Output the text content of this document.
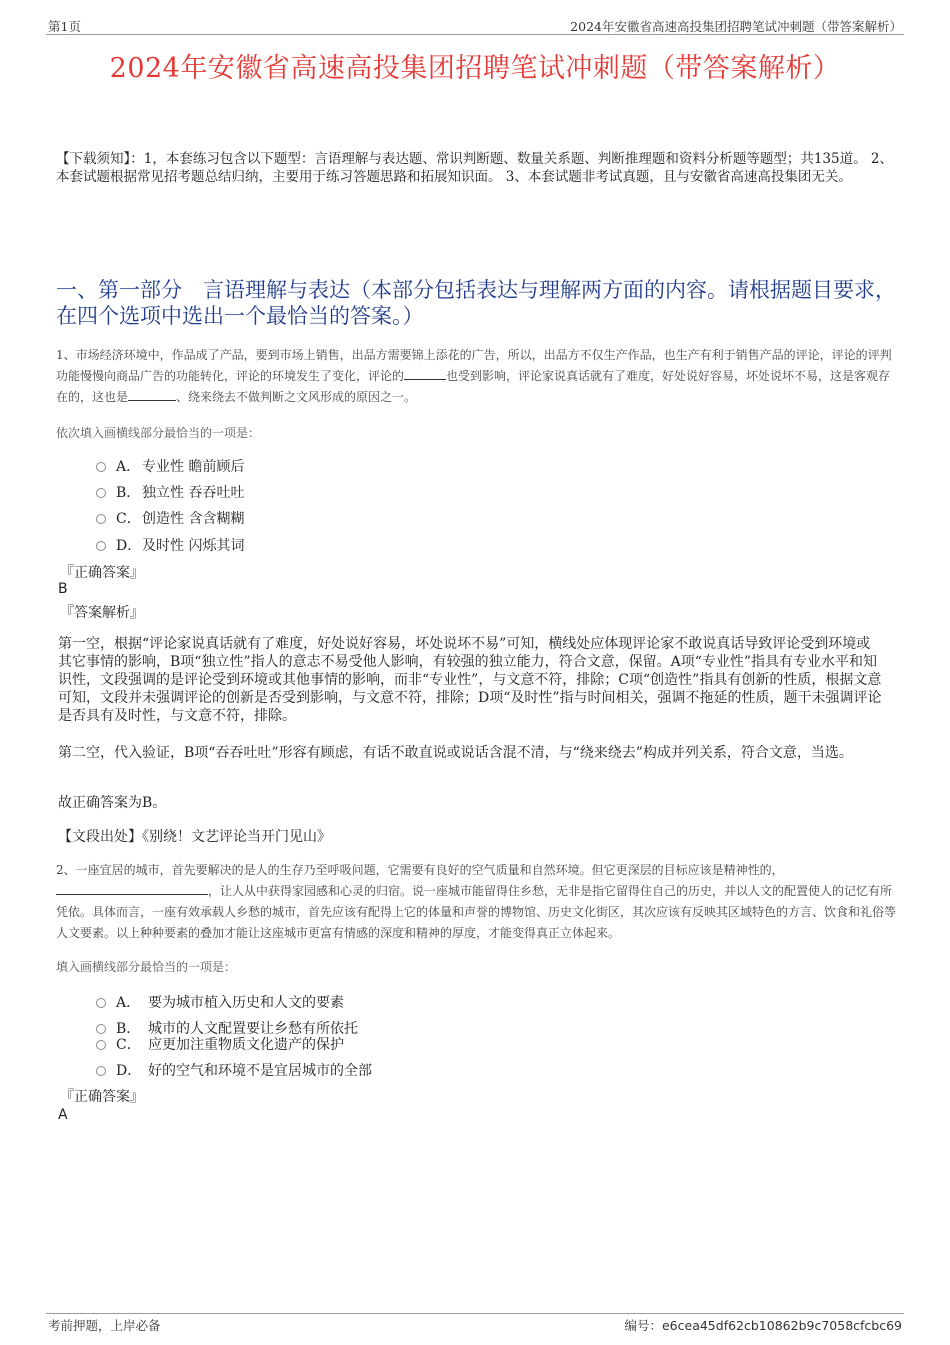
第1页	2024年安徽省高速高投集团招聘笔试冲刺题（带答案解析）
2024年安徽省高速高投集团招聘笔试冲刺题（带答案解析）
【下载须知】：1，本套练习包含以下题型：言语理解与表达题、常识判断题、数量关系题、判断推理题和资料分析题等题型；共135道。 2、本套试题根据常见招考题总结归纳，主要用于练习答题思路和拓展知识面。 3、本套试题非考试真题，且与安徽省高速高投集团无关。
一、第一部分　言语理解与表达（本部分包括表达与理解两方面的内容。请根据题目要求，在四个选项中选出一个最恰当的答案。）
1、市场经济环境中，作品成了产品，要到市场上销售，出品方需要锦上添花的广告，所以，出品方不仅生产作品，也生产有利于销售产品的评论，评论的评判功能慢慢向商品广告的功能转化，评论的环境发生了变化，评论的	也受到影响，评论家说真话就有了难度，好处说好容易，坏处说坏不易，这是客观存在的，这也是	、绕来绕去不做判断之文风形成的原因之一。
依次填入画横线部分最恰当的一项是：
A． 专业性 瞻前顾后
B． 独立性 吞吞吐吐
C． 创造性 含含糊糊
D． 及时性 闪烁其词
『正确答案』
B
『答案解析』
第一空，根据“评论家说真话就有了难度，好处说好容易，坏处说坏不易”可知，横线处应体现评论家不敢说真话导致评论受到环境或其它事情的影响，B项“独立性”指人的意志不易受他人影响，有较强的独立能力，符合文意，保留。A项“专业性”指具有专业水平和知识性，文段强调的是评论受到环境或其他事情的影响，而非“专业性”，与文意不符，排除；C项“创造性”指具有创新的性质，根据文意可知，文段并未强调评论的创新是否受到影响，与文意不符，排除；D项“及时性”指与时间相关，强调不拖延的性质，题干未强调评论是否具有及时性，与文意不符，排除。
第二空，代入验证，B项“吞吞吐吐”形容有顾虑，有话不敢直说或说话含混不清，与“绕来绕去”构成并列关系，符合文意，当选。
故正确答案为B。
【文段出处】《别绕！文艺评论当开门见山》
2、一座宜居的城市，首先要解决的是人的生存乃至呼吸问题，它需要有良好的空气质量和自然环境。但它更深层的目标应该是精神性的，，让人从中获得家园感和心灵的归宿。说一座城市能留得住乡愁，无非是指它留得住自己的历史，并以人文的配置使人的记忆有所凭依。具体而言，一座有效承载人乡愁的城市，首先应该有配得上它的体量和声誉的博物馆、历史文化街区，其次应该有反映其区域特色的方言、饮食和礼俗等人文要素。以上种种要素的叠加才能让这座城市更富有情感的深度和精神的厚度，才能变得真正立体起来。
填入画横线部分最恰当的一项是：
A． 要为城市植入历史和人文的要素
B． 城市的人文配置要让乡愁有所依托
C． 应更加注重物质文化遗产的保护
D． 好的空气和环境不是宜居城市的全部
『正确答案』
A
考前押题，上岸必备	编号：e6cea45df62cb10862b9c7058cfcbc69
